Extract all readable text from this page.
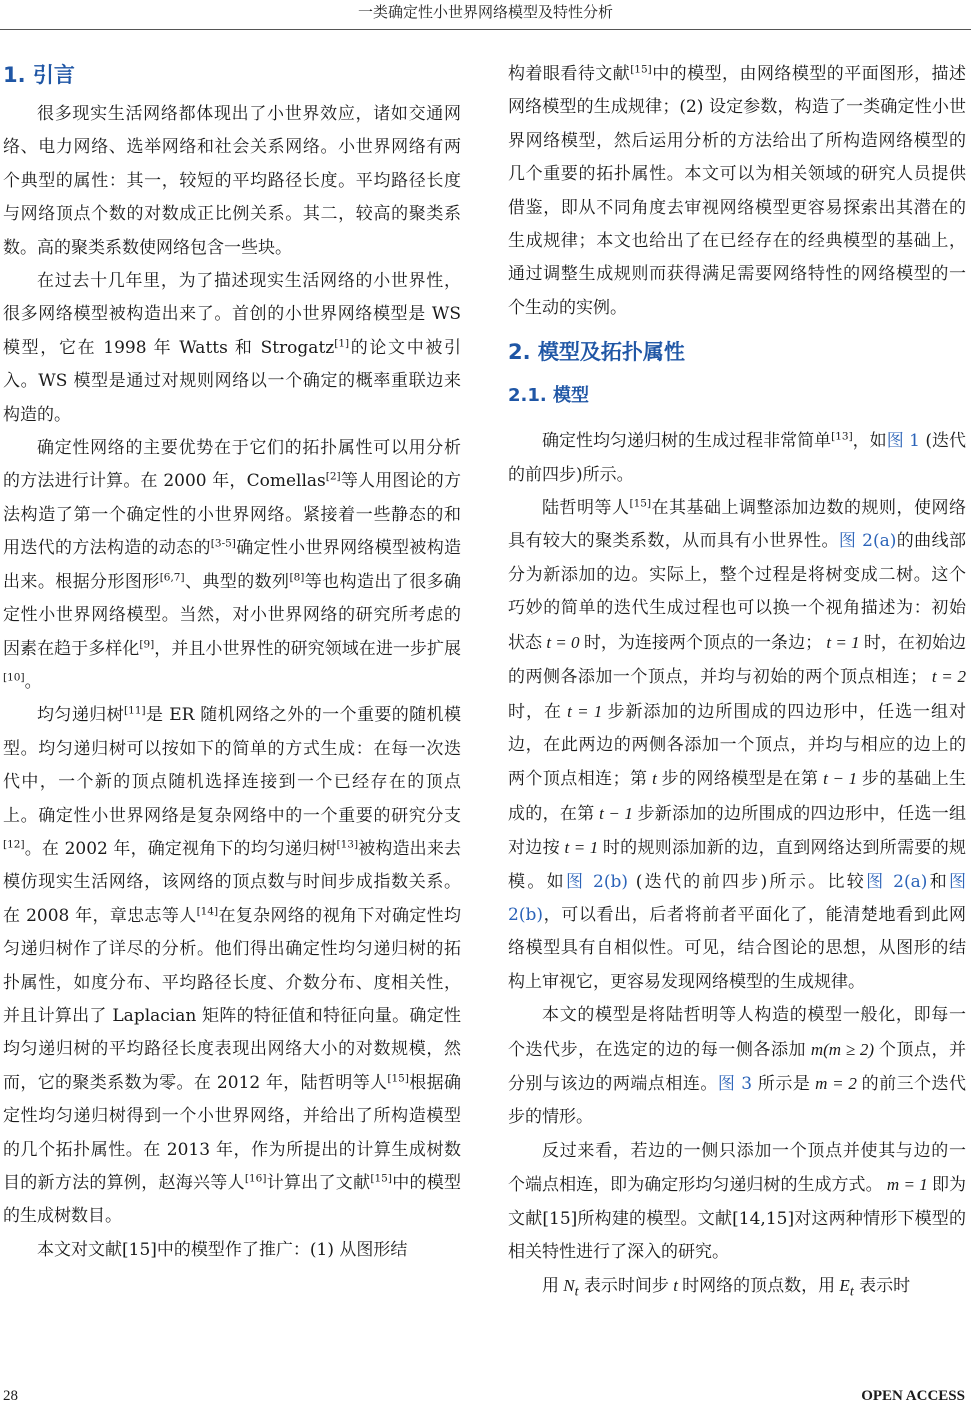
一类确定性小世界网络模型及特性分析
1. 引言

很多现实生活网络都体现出了小世界效应，诸如交通网络、电力网络、选举网络和社会关系网络。小世界网络有两个典型的属性：其一，较短的平均路径长度。平均路径长度与网络顶点个数的对数成正比例关系。其二，较高的聚类系数。高的聚类系数使网络包含一些块。

在过去十几年里，为了描述现实生活网络的小世界性，很多网络模型被构造出来了。首创的小世界网络模型是 WS 模型，它在 1998 年 Watts 和 Strogatz[1]的论文中被引入。WS 模型是通过对规则网络以一个确定的概率重联边来构造的。

确定性网络的主要优势在于它们的拓扑属性可以用分析的方法进行计算。在 2000 年，Comellas[2]等人用图论的方法构造了第一个确定性的小世界网络。紧接着一些静态的和用迭代的方法构造的动态的[3-5]确定性小世界网络模型被构造出来。根据分形图形[6,7]、典型的数列[8]等也构造出了很多确定性小世界网络模型。当然，对小世界网络的研究所考虑的因素在趋于多样化[9]，并且小世界性的研究领域在进一步扩展[10]。

均匀递归树[11]是 ER 随机网络之外的一个重要的随机模型。均匀递归树可以按如下的简单的方式生成：在每一次迭代中，一个新的顶点随机选择连接到一个已经存在的顶点上。确定性小世界网络是复杂网络中的一个重要的研究分支[12]。在 2002 年，确定视角下的均匀递归树[13]被构造出来去模仿现实生活网络，该网络的顶点数与时间步成指数关系。在 2008 年，章忠志等人[14]在复杂网络的视角下对确定性均匀递归树作了详尽的分析。他们得出确定性均匀递归树的拓扑属性，如度分布、平均路径长度、介数分布、度相关性，并且计算出了 Laplacian 矩阵的特征值和特征向量。确定性均匀递归树的平均路径长度表现出网络大小的对数规模，然而，它的聚类系数为零。在 2012 年，陆哲明等人[15]根据确定性均匀递归树得到一个小世界网络，并给出了所构造模型的几个拓扑属性。在 2013 年，作为所提出的计算生成树数目的新方法的算例，赵海兴等人[16]计算出了文献[15]中的模型的生成树数目。

本文对文献[15]中的模型作了推广：(1) 从图形结

构着眼看待文献[15]中的模型，由网络模型的平面图形，描述网络模型的生成规律；(2) 设定参数，构造了一类确定性小世界网络模型，然后运用分析的方法给出了所构造网络模型的几个重要的拓扑属性。本文可以为相关领域的研究人员提供借鉴，即从不同角度去审视网络模型更容易探索出其潜在的生成规律；本文也给出了在已经存在的经典模型的基础上，通过调整生成规则而获得满足需要网络特性的网络模型的一个生动的实例。

2. 模型及拓扑属性
2.1. 模型

确定性均匀递归树的生成过程非常简单[13]，如图 1 (迭代的前四步)所示。

陆哲明等人[15]在其基础上调整添加边数的规则，使网络具有较大的聚类系数，从而具有小世界性。图 2(a)的曲线部分为新添加的边。实际上，整个过程是将树变成二树。这个巧妙的简单的迭代生成过程也可以换一个视角描述为：初始状态 t = 0 时，为连接两个顶点的一条边； t = 1 时，在初始边的两侧各添加一个顶点，并均与初始的两个顶点相连； t = 2 时，在 t = 1 步新添加的边所围成的四边形中，任选一组对边，在此两边的两侧各添加一个顶点，并均与相应的边上的两个顶点相连；第 t 步的网络模型是在第 t − 1 步的基础上生成的，在第 t − 1 步新添加的边所围成的四边形中，任选一组对边按 t = 1 时的规则添加新的边，直到网络达到所需要的规模。如图 2(b) (迭代的前四步)所示。比较图 2(a)和图 2(b)，可以看出，后者将前者平面化了，能清楚地看到此网络模型具有自相似性。可见，结合图论的思想，从图形的结构上审视它，更容易发现网络模型的生成规律。

本文的模型是将陆哲明等人构造的模型一般化，即每一个迭代步，在选定的边的每一侧各添加 m(m ≥ 2) 个顶点，并分别与该边的两端点相连。图 3 所示是 m = 2 的前三个迭代步的情形。

反过来看，若边的一侧只添加一个顶点并使其与边的一个端点相连，即为确定形均匀递归树的生成方式。 m = 1 即为文献[15]所构建的模型。文献[14,15]对这两种情形下模型的相关特性进行了深入的研究。

用 $N_t$ 表示时间步 t 时网络的顶点数，用 $E_t$ 表示时

28	OPEN ACCESS
